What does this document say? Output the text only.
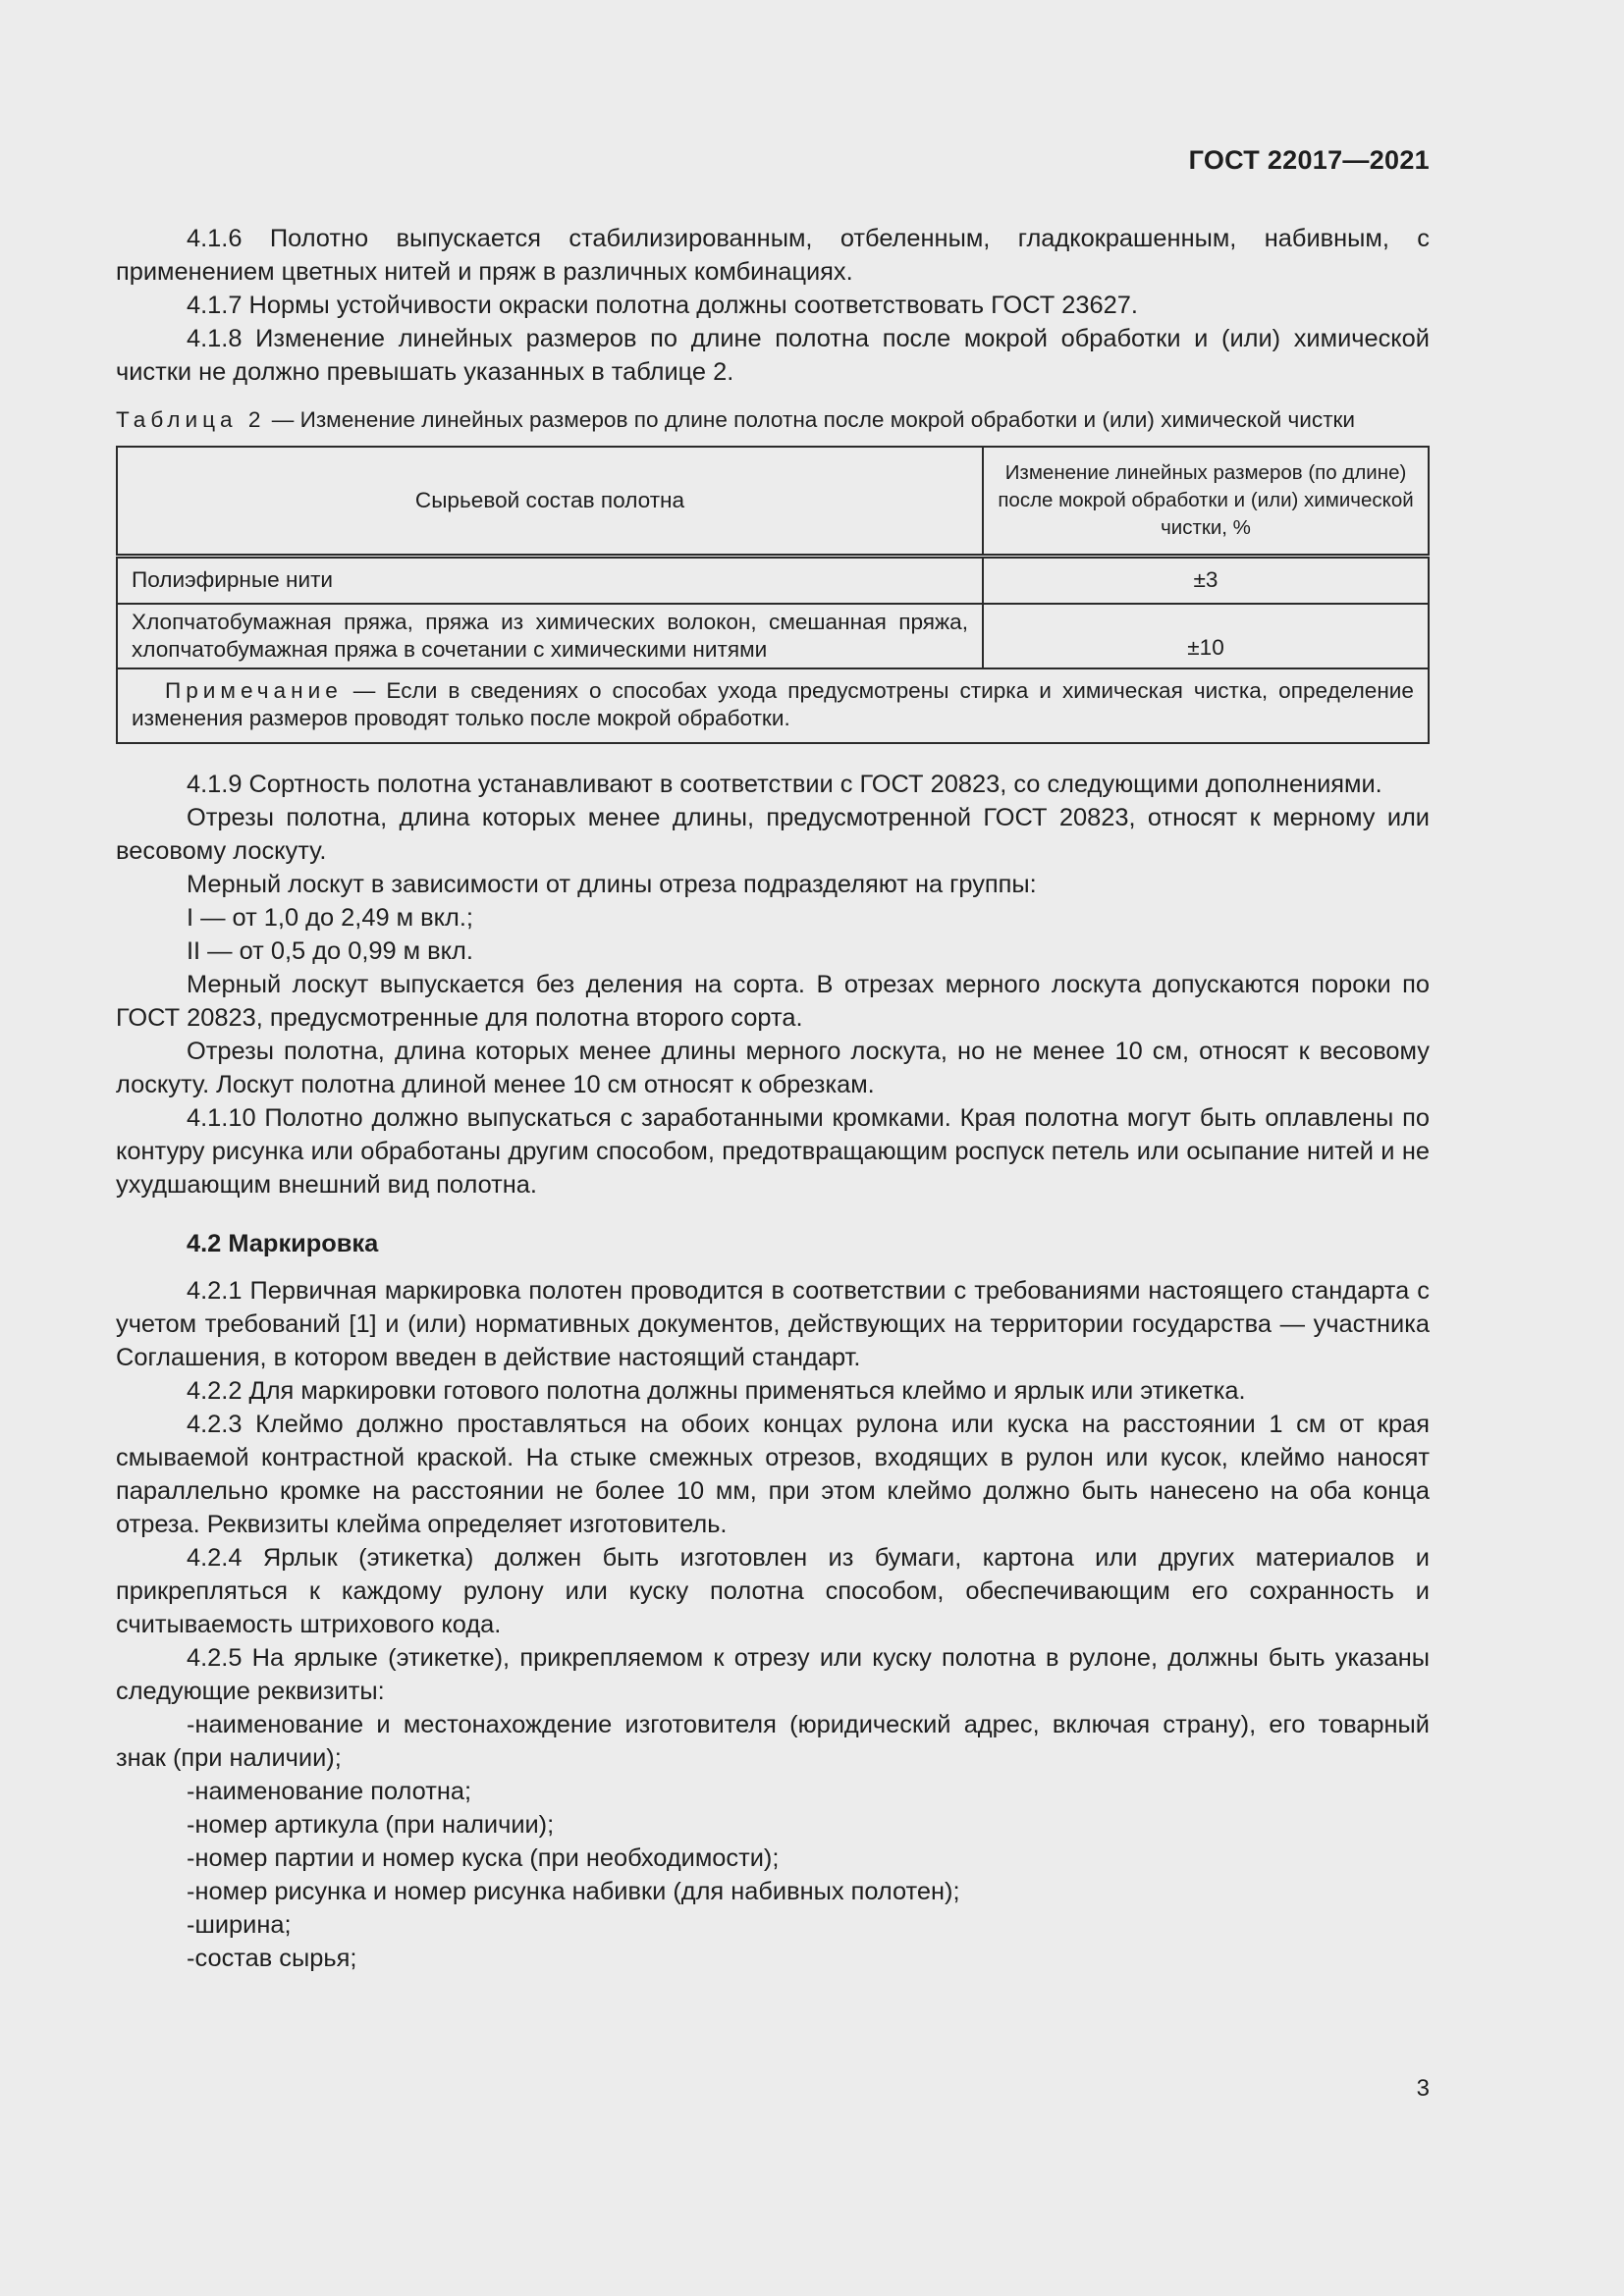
ГОСТ 22017—2021

4.1.6 Полотно выпускается стабилизированным, отбеленным, гладкокрашенным, набивным, с применением цветных нитей и пряж в различных комбинациях.

4.1.7 Нормы устойчивости окраски полотна должны соответствовать ГОСТ 23627.

4.1.8 Изменение линейных размеров по длине полотна после мокрой обработки и (или) химической чистки не должно превышать указанных в таблице 2.

Таблица 2 — Изменение линейных размеров по длине полотна после мокрой обработки и (или) химической чистки
Сырьевой состав полотна	Изменение линейных размеров (по длине) после мокрой обработки и (или) химической чистки, %
Полиэфирные нити	±3
Хлопчатобумажная пряжа, пряжа из химических волокон, смешанная пряжа, хлопчатобумажная пряжа в сочетании с химическими нитями	±10
Примечание — Если в сведениях о способах ухода предусмотрены стирка и химическая чистка, определение изменения размеров проводят только после мокрой обработки.	

4.1.9 Сортность полотна устанавливают в соответствии с ГОСТ 20823, со следующими дополнениями.

Отрезы полотна, длина которых менее длины, предусмотренной ГОСТ 20823, относят к мерному или весовому лоскуту.

Мерный лоскут в зависимости от длины отреза подразделяют на группы:

I — от 1,0 до 2,49 м вкл.;

II — от 0,5 до 0,99 м вкл.

Мерный лоскут выпускается без деления на сорта. В отрезах мерного лоскута допускаются пороки по ГОСТ 20823, предусмотренные для полотна второго сорта.

Отрезы полотна, длина которых менее длины мерного лоскута, но не менее 10 см, относят к весовому лоскуту. Лоскут полотна длиной менее 10 см относят к обрезкам.

4.1.10 Полотно должно выпускаться с заработанными кромками. Края полотна могут быть оплавлены по контуру рисунка или обработаны другим способом, предотвращающим роспуск петель или осыпание нитей и не ухудшающим внешний вид полотна.

4.2 Маркировка

4.2.1 Первичная маркировка полотен проводится в соответствии с требованиями настоящего стандарта с учетом требований [1] и (или) нормативных документов, действующих на территории государства — участника Соглашения, в котором введен в действие настоящий стандарт.

4.2.2 Для маркировки готового полотна должны применяться клеймо и ярлык или этикетка.

4.2.3 Клеймо должно проставляться на обоих концах рулона или куска на расстоянии 1 см от края смываемой контрастной краской. На стыке смежных отрезов, входящих в рулон или кусок, клеймо наносят параллельно кромке на расстоянии не более 10 мм, при этом клеймо должно быть нанесено на оба конца отреза. Реквизиты клейма определяет изготовитель.

4.2.4 Ярлык (этикетка) должен быть изготовлен из бумаги, картона или других материалов и прикрепляться к каждому рулону или куску полотна способом, обеспечивающим его сохранность и считываемость штрихового кода.

4.2.5 На ярлыке (этикетке), прикрепляемом к отрезу или куску полотна в рулоне, должны быть указаны следующие реквизиты:

-наименование и местонахождение изготовителя (юридический адрес, включая страну), его товарный знак (при наличии);

-наименование полотна;

-номер артикула (при наличии);

-номер партии и номер куска (при необходимости);

-номер рисунка и номер рисунка набивки (для набивных полотен);

-ширина;

-состав сырья;

3
